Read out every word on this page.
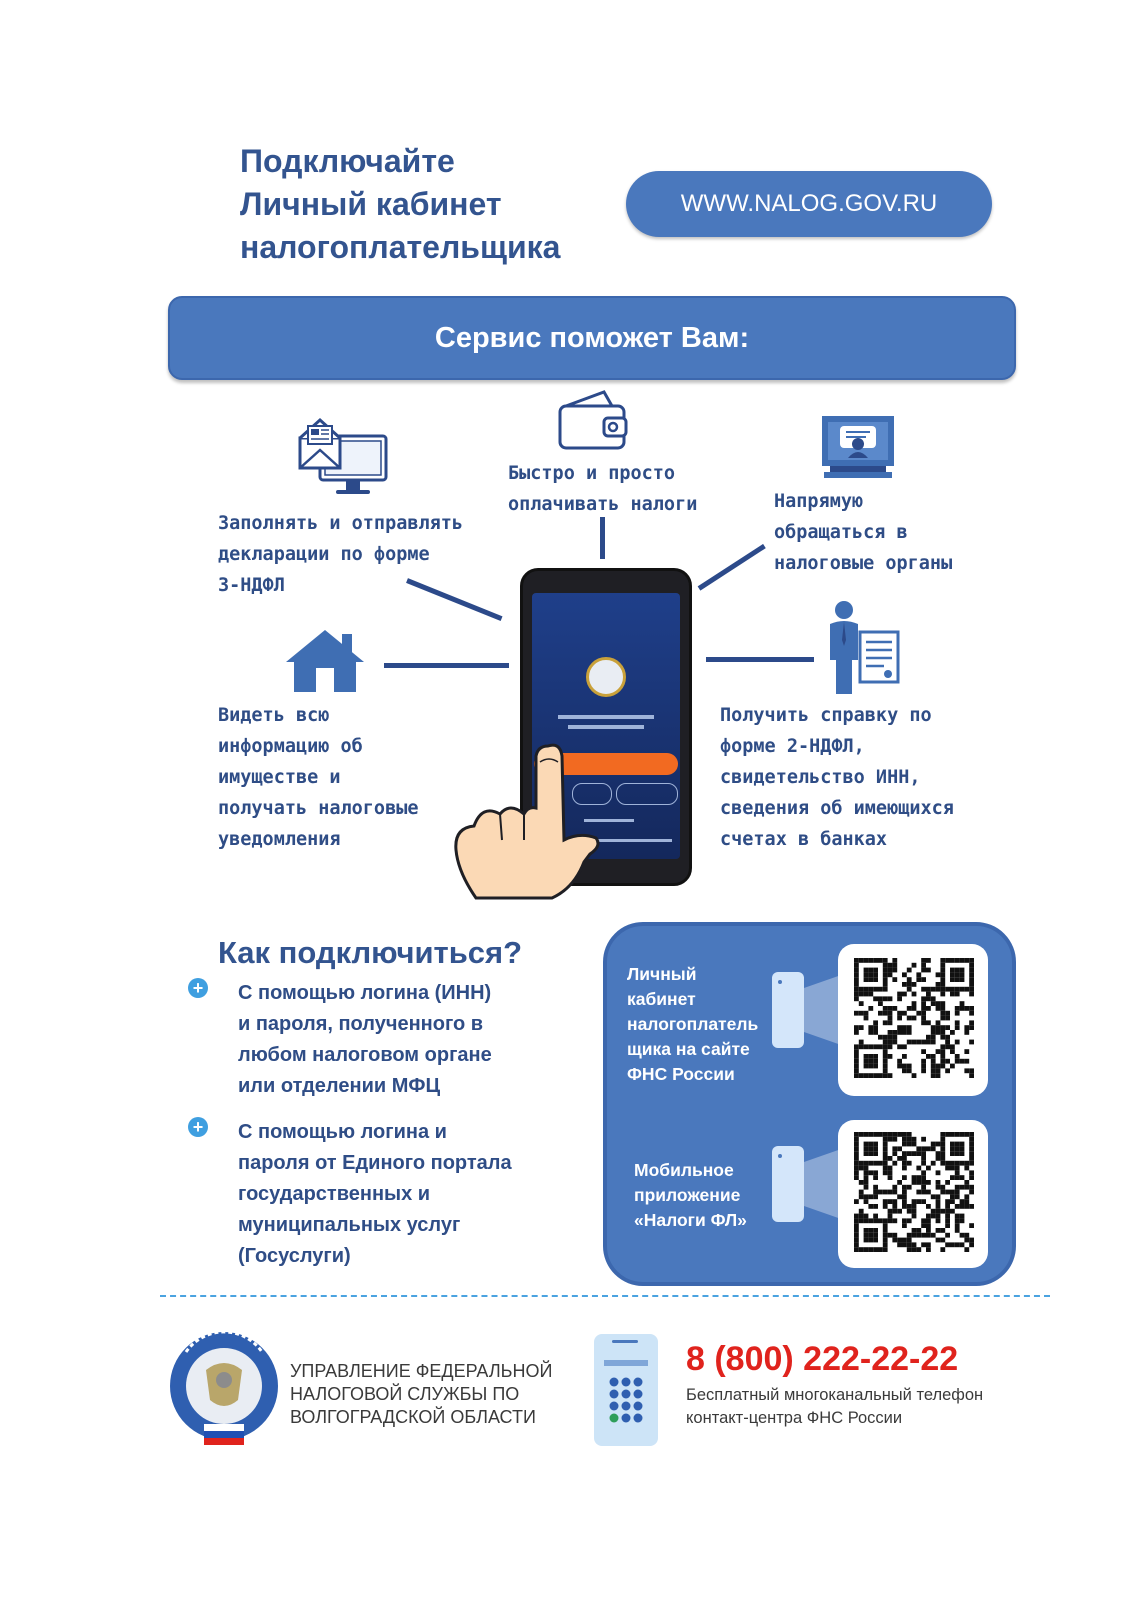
Подключайте
Личный кабинет
налогоплательщика
WWW.NALOG.GOV.RU
Сервис поможет Вам:
Заполнять и отправлять
декларации по форме
3-НДФЛ
Быстро и просто
оплачивать налоги	Напрямую
обращаться в
налоговые органы
Видеть всю
информацию об
имуществе и
получать налоговые
уведомления
Получить справку по
форме 2-НДФЛ,
свидетельство ИНН,
сведения об имеющихся
счетах в банках
Как подключиться?
+ С помощью логина (ИНН)
и пароля, полученного в
любом налоговом органе
или отделении МФЦ
+ С помощью логина и
пароля от Единого портала
государственных и
муниципальных услуг
(Госуслуги)
Личный
кабинет
налогоплатель
щика на сайте
ФНС России
Мобильное
приложение
«Налоги ФЛ»
УПРАВЛЕНИЕ ФЕДЕРАЛЬНОЙ
НАЛОГОВОЙ СЛУЖБЫ ПО
ВОЛГОГРАДСКОЙ ОБЛАСТИ
8 (800) 222-22-22
Бесплатный многоканальный телефон
контакт-центра ФНС России
